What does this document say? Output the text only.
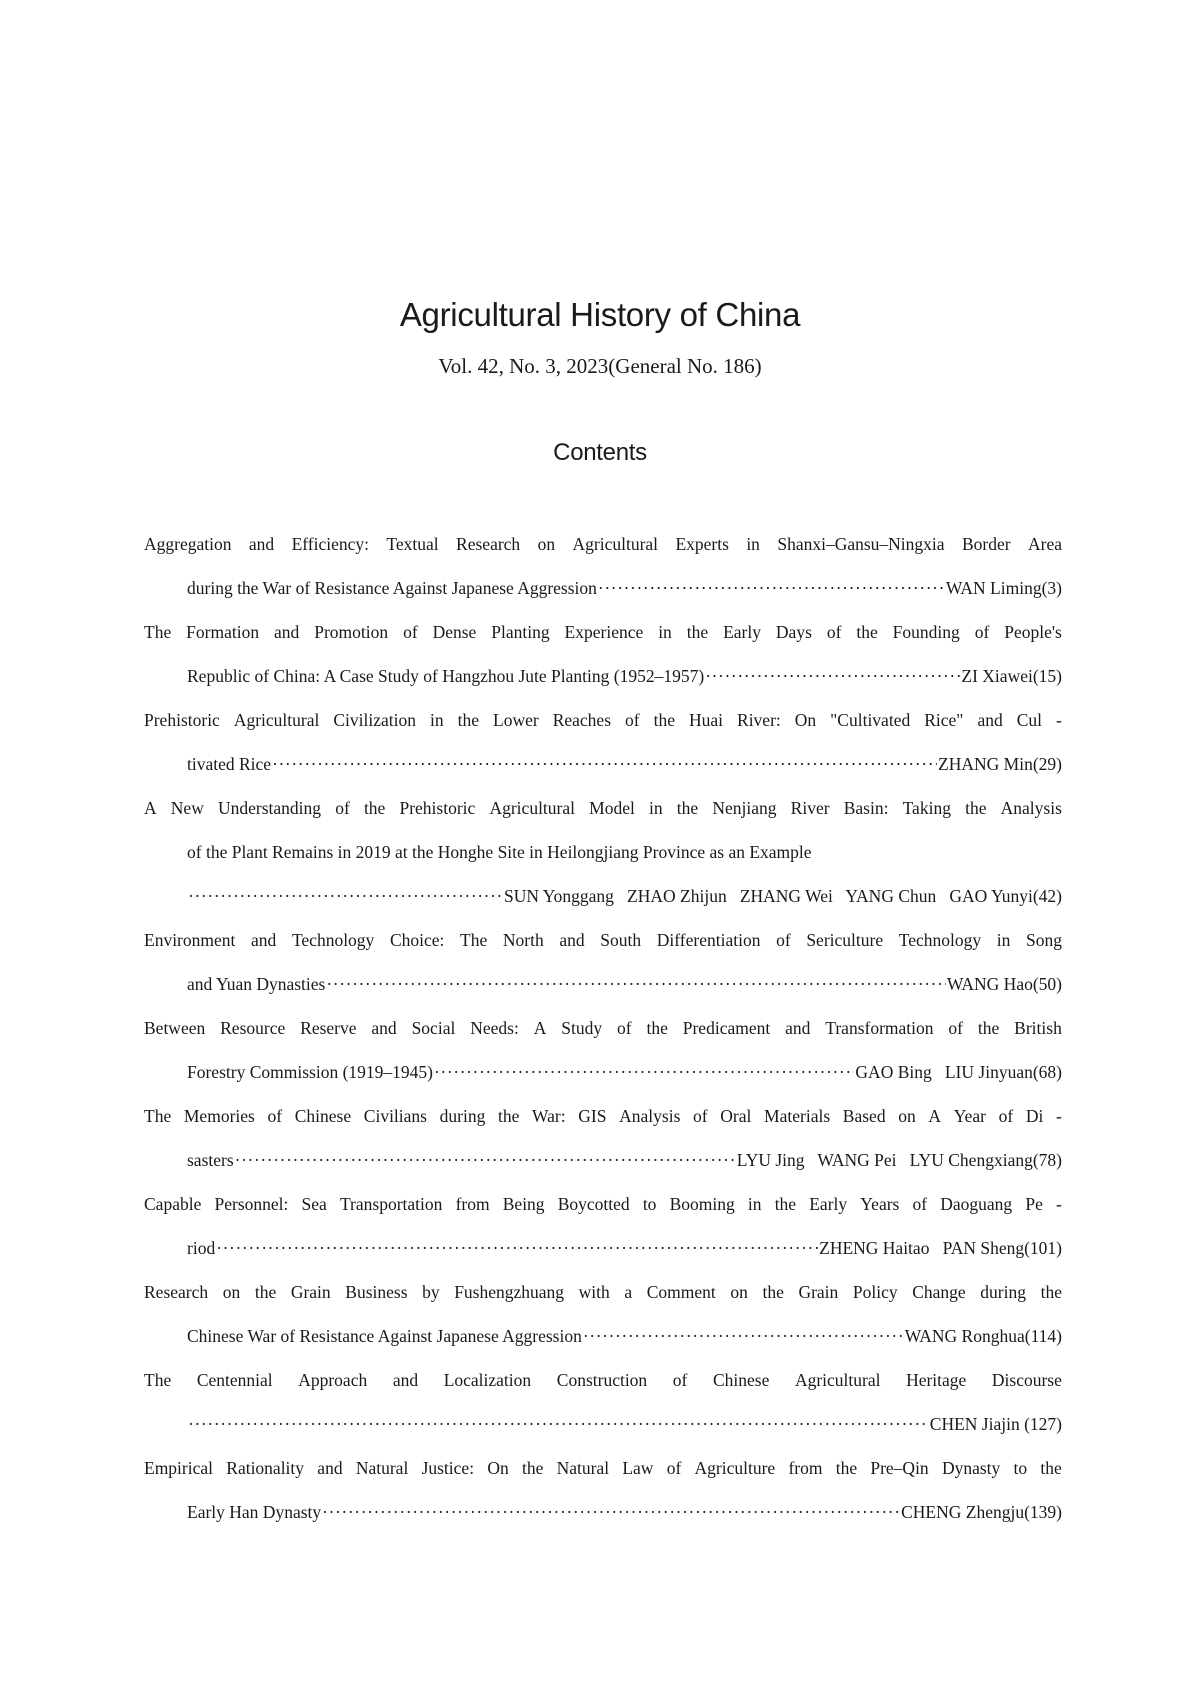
Agricultural History of China
Vol. 42, No. 3, 2023(General No. 186)
Contents
Aggregation and Efficiency: Textual Research on Agricultural Experts in Shanxi–Gansu–Ningxia Border Area
during the War of Resistance Against Japanese Aggression ·····	WAN Liming(3)
The Formation and Promotion of Dense Planting Experience in the Early Days of the Founding of People's
Republic of China: A Case Study of Hangzhou Jute Planting (1952–1957) ·····	ZI Xiawei(15)
Prehistoric Agricultural Civilization in the Lower Reaches of the Huai River: On "Cultivated Rice" and Cul -
tivated Rice ·····	ZHANG Min(29)
A New Understanding of the Prehistoric Agricultural Model in the Nenjiang River Basin: Taking the Analysis
of the Plant Remains in 2019 at the Honghe Site in Heilongjiang Province as an Example
·····
SUN Yonggang   ZHAO Zhijun   ZHANG Wei   YANG Chun   GAO Yunyi(42)
Environment and Technology Choice: The North and South Differentiation of Sericulture Technology in Song
and Yuan Dynasties ·····	WANG Hao(50)
Between Resource Reserve and Social Needs: A Study of the Predicament and Transformation of the British
Forestry Commission (1919–1945) ·····	GAO Bing   LIU Jinyuan(68)
The Memories of Chinese Civilians during the War: GIS Analysis of Oral Materials Based on A Year of Di -
sasters ·····	LYU Jing   WANG Pei   LYU Chengxiang(78)
Capable Personnel: Sea Transportation from Being Boycotted to Booming in the Early Years of Daoguang Pe -
riod ·····	ZHENG Haitao   PAN Sheng(101)
Research on the Grain Business by Fushengzhuang with a Comment on the Grain Policy Change during the
Chinese War of Resistance Against Japanese Aggression ·····	WANG Ronghua(114)
The Centennial Approach and Localization Construction of Chinese Agricultural Heritage Discourse
·····
CHEN Jiajin (127)
Empirical Rationality and Natural Justice: On the Natural Law of Agriculture from the Pre–Qin Dynasty to the
Early Han Dynasty ·····	CHENG Zhengju(139)
